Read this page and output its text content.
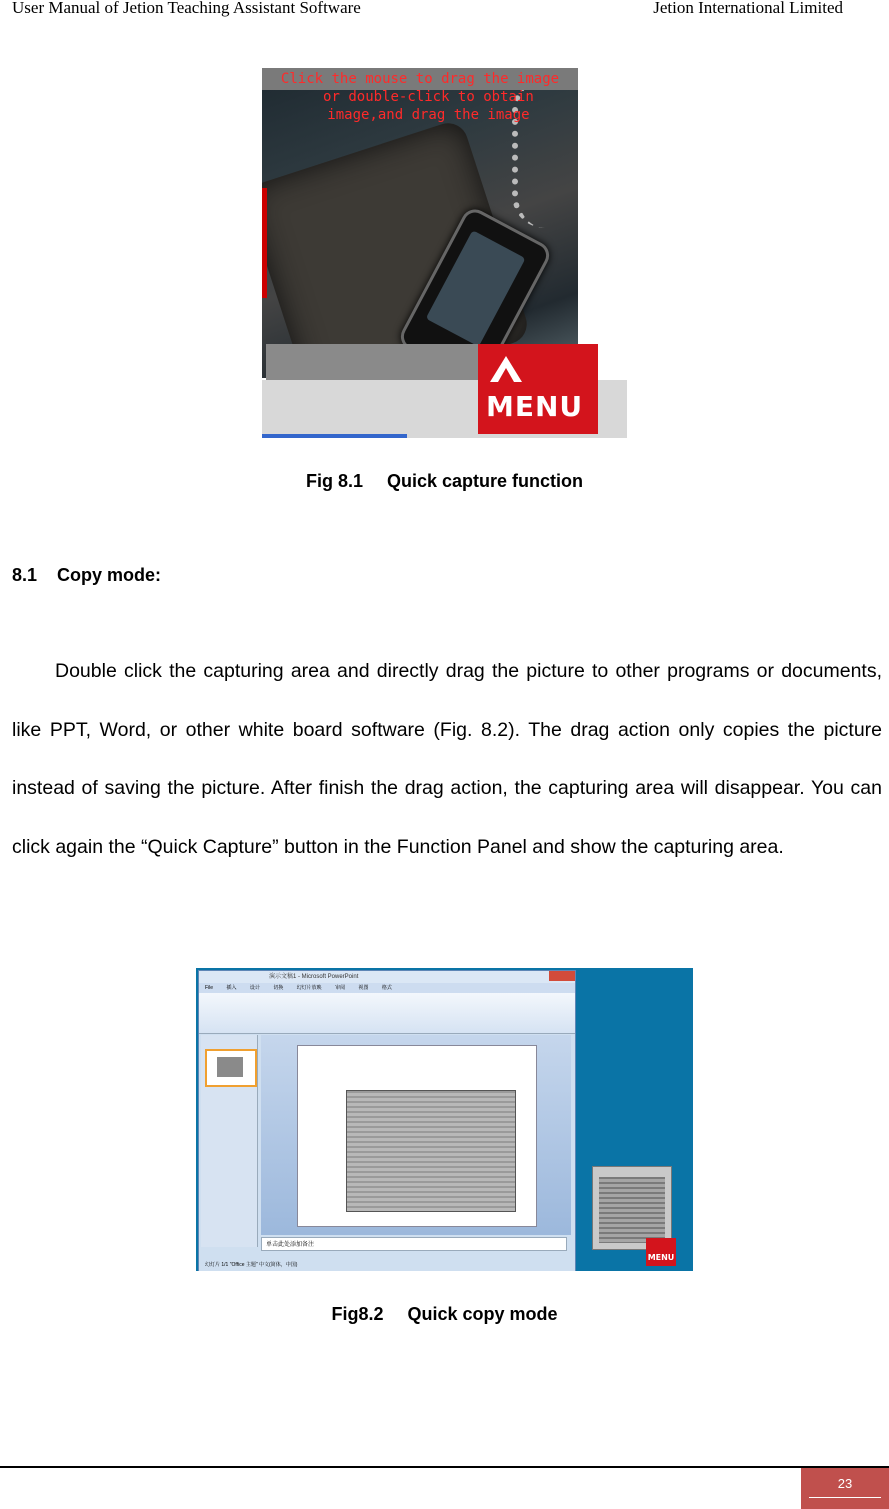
User Manual of Jetion Teaching Assistant Software	Jetion International Limited
Click the mouse to drag the image
or double-click to obtain
image,and drag the image
MENU
Fig 8.1 Quick capture function
8.1 Copy mode:

Double click the capturing area and directly drag the picture to other programs or documents, like PPT, Word, or other white board software (Fig. 8.2). The drag action only copies the picture instead of saving the picture. After finish the drag action, the capturing area will disappear. You can click again the “Quick Capture” button in the Function Panel and show the capturing area.

演示文稿1 - Microsoft PowerPoint
File	插入	设计	切换	幻灯片放映	审阅	视图	格式
单击此处添加备注
幻灯片 1/1 "Office 主题" 中文(简体，中国)
MENU
Fig8.2 Quick copy mode
23
